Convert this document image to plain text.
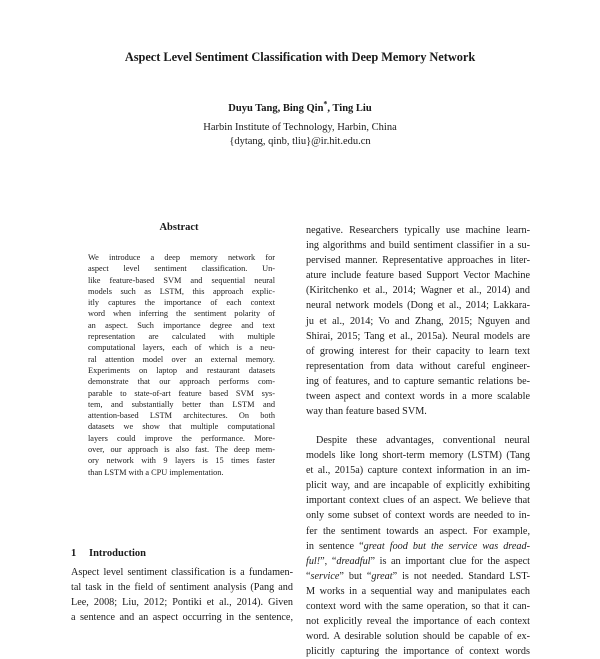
Aspect Level Sentiment Classification with Deep Memory Network
Duyu Tang, Bing Qin*, Ting Liu
Harbin Institute of Technology, Harbin, China
{dytang, qinb, tliu}@ir.hit.edu.cn
Abstract
We introduce a deep memory network for
aspect level sentiment classification. Un-
like feature-based SVM and sequential neural
models such as LSTM, this approach explic-
itly captures the importance of each context
word when inferring the sentiment polarity of
an aspect. Such importance degree and text
representation are calculated with multiple
computational layers, each of which is a neu-
ral attention model over an external memory.
Experiments on laptop and restaurant datasets
demonstrate that our approach performs com-
parable to state-of-art feature based SVM sys-
tem, and substantially better than LSTM and
attention-based LSTM architectures. On both
datasets we show that multiple computational
layers could improve the performance. More-
over, our approach is also fast. The deep mem-
ory network with 9 layers is 15 times faster
than LSTM with a CPU implementation.
negative. Researchers typically use machine learn-
ing algorithms and build sentiment classifier in a su-
pervised manner. Representative approaches in liter-
ature include feature based Support Vector Machine
(Kiritchenko et al., 2014; Wagner et al., 2014) and
neural network models (Dong et al., 2014; Lakkara-
ju et al., 2014; Vo and Zhang, 2015; Nguyen and
Shirai, 2015; Tang et al., 2015a). Neural models are
of growing interest for their capacity to learn text
representation from data without careful engineer-
ing of features, and to capture semantic relations be-
tween aspect and context words in a more scalable
way than feature based SVM.
Despite these advantages, conventional neural
models like long short-term memory (LSTM) (Tang
et al., 2015a) capture context information in an im-
plicit way, and are incapable of explicitly exhibiting
important context clues of an aspect. We believe that
only some subset of context words are needed to in-
fer the sentiment towards an aspect. For example,
in sentence “great food but the service was dread-
ful!”, “dreadful” is an important clue for the aspect
“service” but “great” is not needed. Standard LST-
M works in a sequential way and manipulates each
context word with the same operation, so that it can-
not explicitly reveal the importance of each context
word. A desirable solution should be capable of ex-
plicitly capturing the importance of context words
1 Introduction
Aspect level sentiment classification is a fundamen-
tal task in the field of sentiment analysis (Pang and
Lee, 2008; Liu, 2012; Pontiki et al., 2014). Given
a sentence and an aspect occurring in the sentence,
